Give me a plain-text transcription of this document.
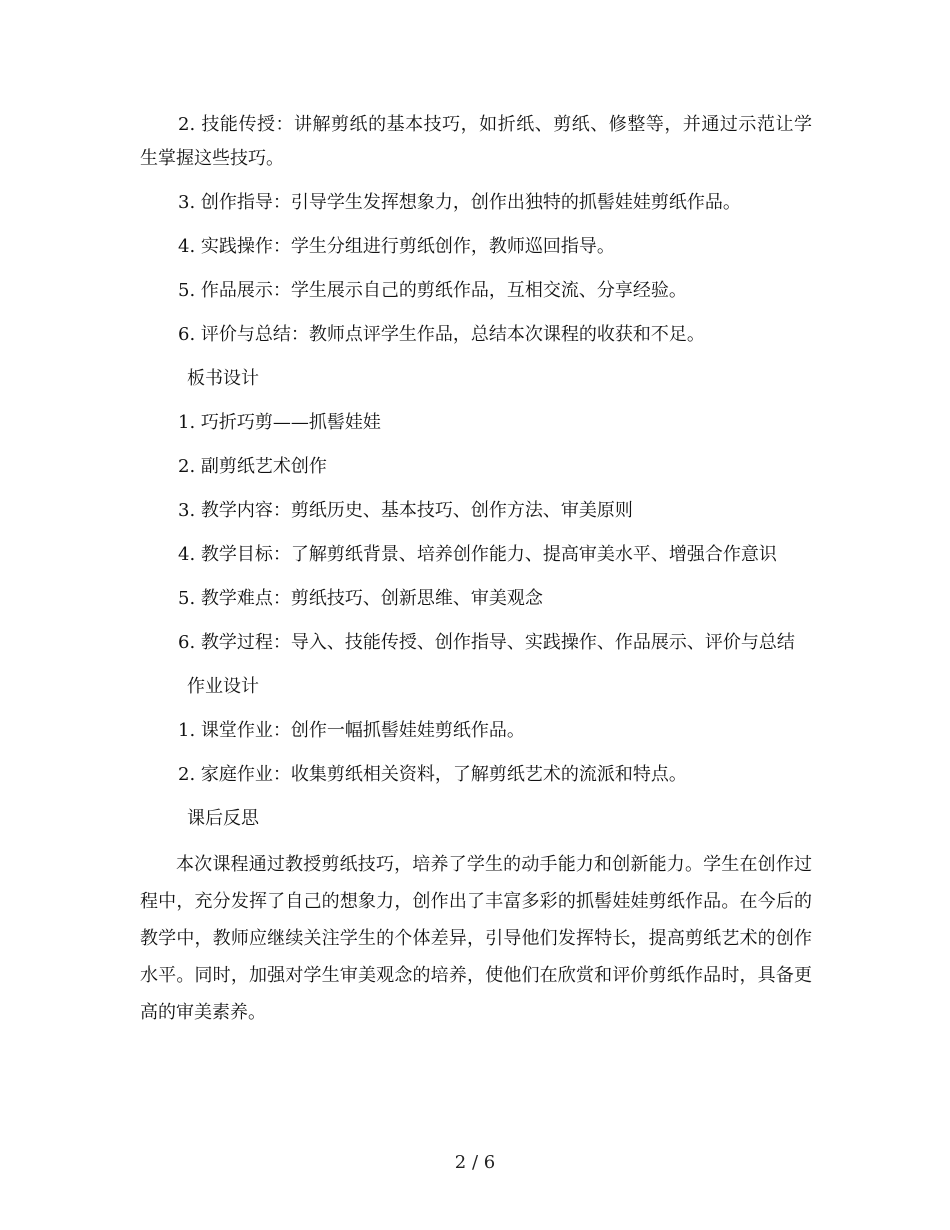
2. 技能传授：讲解剪纸的基本技巧，如折纸、剪纸、修整等，并通过示范让学生掌握这些技巧。

3. 创作指导：引导学生发挥想象力，创作出独特的抓髻娃娃剪纸作品。

4. 实践操作：学生分组进行剪纸创作，教师巡回指导。

5. 作品展示：学生展示自己的剪纸作品，互相交流、分享经验。

6. 评价与总结：教师点评学生作品，总结本次课程的收获和不足。

板书设计

1. 巧折巧剪——抓髻娃娃

2. 副剪纸艺术创作

3. 教学内容：剪纸历史、基本技巧、创作方法、审美原则

4. 教学目标：了解剪纸背景、培养创作能力、提高审美水平、增强合作意识

5. 教学难点：剪纸技巧、创新思维、审美观念

6. 教学过程：导入、技能传授、创作指导、实践操作、作品展示、评价与总结

作业设计

1. 课堂作业：创作一幅抓髻娃娃剪纸作品。

2. 家庭作业：收集剪纸相关资料，了解剪纸艺术的流派和特点。

课后反思

本次课程通过教授剪纸技巧，培养了学生的动手能力和创新能力。学生在创作过程中，充分发挥了自己的想象力，创作出了丰富多彩的抓髻娃娃剪纸作品。在今后的教学中，教师应继续关注学生的个体差异，引导他们发挥特长，提高剪纸艺术的创作水平。同时，加强对学生审美观念的培养，使他们在欣赏和评价剪纸作品时，具备更高的审美素养。

2 / 6
